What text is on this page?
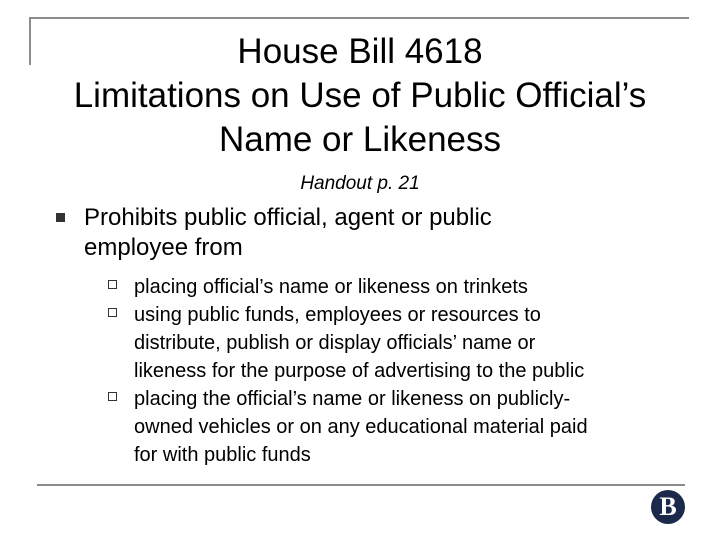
House Bill 4618
Limitations on Use of Public Official’s
Name or Likeness
Handout p. 21
Prohibits public official, agent or public
employee from
placing official’s name or likeness on trinkets
using public funds, employees or resources to
distribute, publish or display officials’ name or
likeness for the purpose of advertising to the public
placing the official’s name or likeness on publicly-
owned vehicles or on any educational material paid
for with public funds
B
